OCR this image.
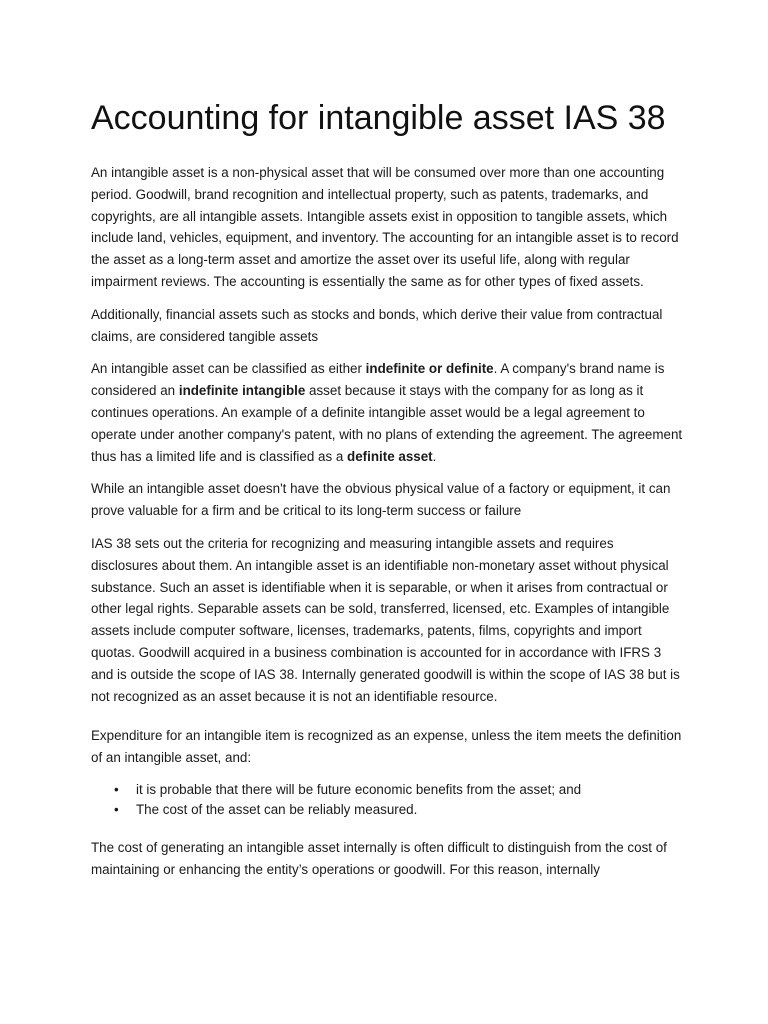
Accounting for intangible asset IAS 38

An intangible asset is a non-physical asset that will be consumed over more than one accounting period. Goodwill, brand recognition and intellectual property, such as patents, trademarks, and copyrights, are all intangible assets. Intangible assets exist in opposition to tangible assets, which include land, vehicles, equipment, and inventory. The accounting for an intangible asset is to record the asset as a long-term asset and amortize the asset over its useful life, along with regular impairment reviews. The accounting is essentially the same as for other types of fixed assets.

Additionally, financial assets such as stocks and bonds, which derive their value from contractual claims, are considered tangible assets

An intangible asset can be classified as either indefinite or definite. A company's brand name is considered an indefinite intangible asset because it stays with the company for as long as it continues operations. An example of a definite intangible asset would be a legal agreement to operate under another company's patent, with no plans of extending the agreement. The agreement thus has a limited life and is classified as a definite asset.

While an intangible asset doesn't have the obvious physical value of a factory or equipment, it can prove valuable for a firm and be critical to its long-term success or failure

IAS 38 sets out the criteria for recognizing and measuring intangible assets and requires disclosures about them. An intangible asset is an identifiable non-monetary asset without physical substance. Such an asset is identifiable when it is separable, or when it arises from contractual or other legal rights. Separable assets can be sold, transferred, licensed, etc. Examples of intangible assets include computer software, licenses, trademarks, patents, films, copyrights and import quotas. Goodwill acquired in a business combination is accounted for in accordance with IFRS 3 and is outside the scope of IAS 38. Internally generated goodwill is within the scope of IAS 38 but is not recognized as an asset because it is not an identifiable resource.

Expenditure for an intangible item is recognized as an expense, unless the item meets the definition of an intangible asset, and:

• it is probable that there will be future economic benefits from the asset; and
• The cost of the asset can be reliably measured.

The cost of generating an intangible asset internally is often difficult to distinguish from the cost of maintaining or enhancing the entity’s operations or goodwill. For this reason, internally
